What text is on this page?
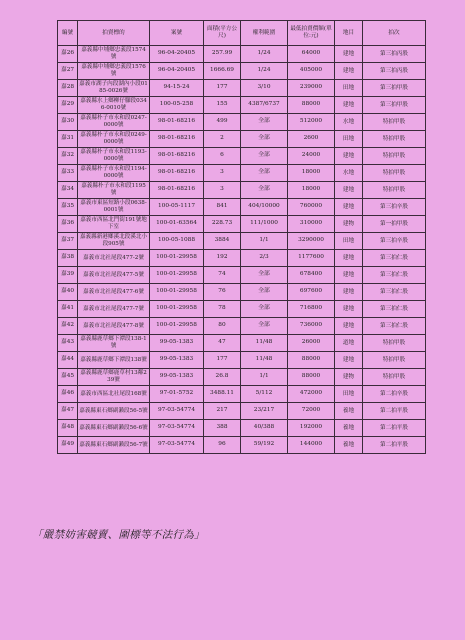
編號	拍賣標的	案號	面積(平方公尺)	權利範圍	最低拍賣價額(單位:元)	地目	拍次
嘉26	嘉義縣中埔鄉忠義段1574號	96-04-20405	257.99	1/24	64000	建地	第三拍丙股
嘉27	嘉義縣中埔鄉忠義段1576號	96-04-20405	1666.69	1/24	405000	建地	第三拍丙股
嘉28	嘉義市湖子內段湖內小段0185-0026號	94-15-24	177	3/10	239000	田地	第三拍甲股
嘉29	嘉義縣水上鄉柳仔腳段0346-0010號	100-05-258	155	4387/6737	88000	建地	第三拍甲股
嘉30	嘉義縣朴子市永和段0247-0000號	98-01-68216	499	全部	512000	水地	特拍甲股
嘉31	嘉義縣朴子市永和段0249-0000號	98-01-68216	2	全部	2600	田地	特拍甲股
嘉32	嘉義縣朴子市永和段1193-0000號	98-01-68216	6	全部	24000	建地	特拍甲股
嘉33	嘉義縣朴子市永和段1194-0000號	98-01-68216	3	全部	18000	水地	特拍甲股
嘉34	嘉義縣朴子市永和段1195號	98-01-68216	3	全部	18000	建地	特拍甲股
嘉35	嘉義市東區短路小段0638-0001號	100-05-1117	841	404/10000	760000	建地	第三拍辛股
嘉36	嘉義市西區北門街191號地下室	100-01-63564	228.73	111/1000	310000	建物	第一拍甲股
嘉37	嘉義縣新港鄉溪北段溪北小段905號	100-05-1088	3884	1/1	3290000	田地	第三拍辛股
嘉38	嘉義市北社尾段477-2號	100-01-29958	192	2/3	1177600	建地	第三拍仁股
嘉39	嘉義市北社尾段477-5號	100-01-29958	74	全部	678400	建地	第三拍仁股
嘉40	嘉義市北社尾段477-6號	100-01-29958	76	全部	697600	建地	第三拍仁股
嘉41	嘉義市北社尾段477-7號	100-01-29958	78	全部	716800	建地	第三拍仁股
嘉42	嘉義市北社尾段477-8號	100-01-29958	80	全部	736000	建地	第三拍仁股
嘉43	嘉義縣鹿草鄉下潭段138-1號	99-05-1383	47	11/48	26000	道地	特拍甲股
嘉44	嘉義縣鹿草鄉下潭段138號	99-05-1383	177	11/48	88000	建地	特拍甲股
嘉45	嘉義縣鹿草鄉鹿草村13鄰239號	99-05-1383	26.8	1/1	88000	建物	特拍甲股
嘉46	嘉義市西區北社尾段168號	97-01-5752	3488.11	5/112	472000	田地	第二拍辛股
嘉47	嘉義縣東石鄉副瀨段56-5號	97-03-54774	217	23/217	72000	養地	第二拍平股
嘉48	嘉義縣東石鄉副瀨段56-6號	97-03-54774	388	40/388	192000	養地	第二拍平股
嘉49	嘉義縣東石鄉副瀨段56-7號	97-03-54774	96	59/192	144000	養地	第二拍平股
「嚴禁妨害競賣、圍標等不法行為」
